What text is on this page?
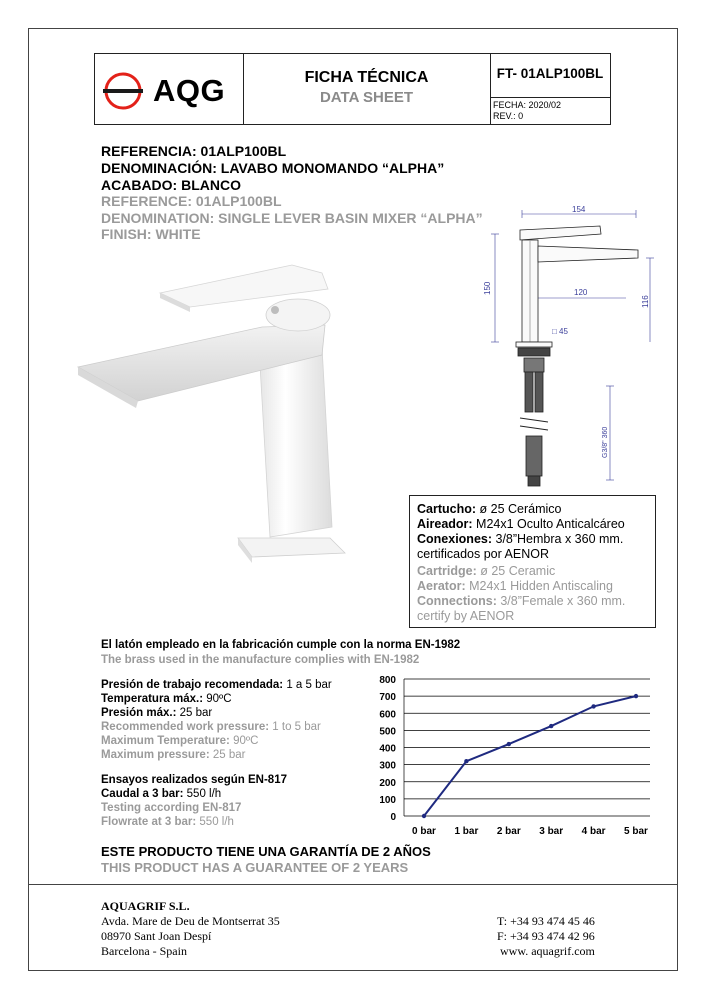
AQG	FICHA TÉCNICA
DATA SHEET
FT- 01ALP100BL
FECHA: 2020/02
REV.: 0
REFERENCIA: 01ALP100BL
DENOMINACIÓN: LAVABO MONOMANDO “ALPHA”
ACABADO: BLANCO
REFERENCE: 01ALP100BL
DENOMINATION: SINGLE LEVER BASIN MIXER “ALPHA”
FINISH: WHITE
154
150	120
116
□ 45
G3/8" 360
Cartucho: ø 25 Cerámico
Aireador: M24x1 Oculto Anticalcáreo
Conexiones: 3/8”Hembra x 360 mm.
certificados por AENOR
Cartridge: ø 25 Ceramic
Aerator: M24x1 Hidden Antiscaling
Connections: 3/8”Female x 360 mm.
certify by AENOR
El latón empleado en la fabricación cumple con la norma EN-1982
The brass used in the manufacture complies with EN-1982
Presión de trabajo recomendada: 1 a 5 bar
Temperatura máx.: 90ºC
Presión máx.: 25 bar
Recommended work pressure: 1 to 5 bar
Maximum Temperature: 90ºC
Maximum pressure: 25 bar
Ensayos realizados según EN-817
Caudal a 3 bar: 550 l/h
Testing according EN-817
Flowrate at 3 bar: 550 l/h	0
100
200
300
400
500
600
700
800
0 bar 1 bar 2 bar 3 bar 4 bar 5 bar
ESTE PRODUCTO TIENE UNA GARANTÍA DE 2 AÑOS
THIS PRODUCT HAS A GUARANTEE OF 2 YEARS
AQUAGRIF S.L.
Avda. Mare de Deu de Montserrat 35
08970 Sant Joan Despí
Barcelona - Spain
T: +34 93 474 45 46
F: +34 93 474 42 96
www. aquagrif.com
